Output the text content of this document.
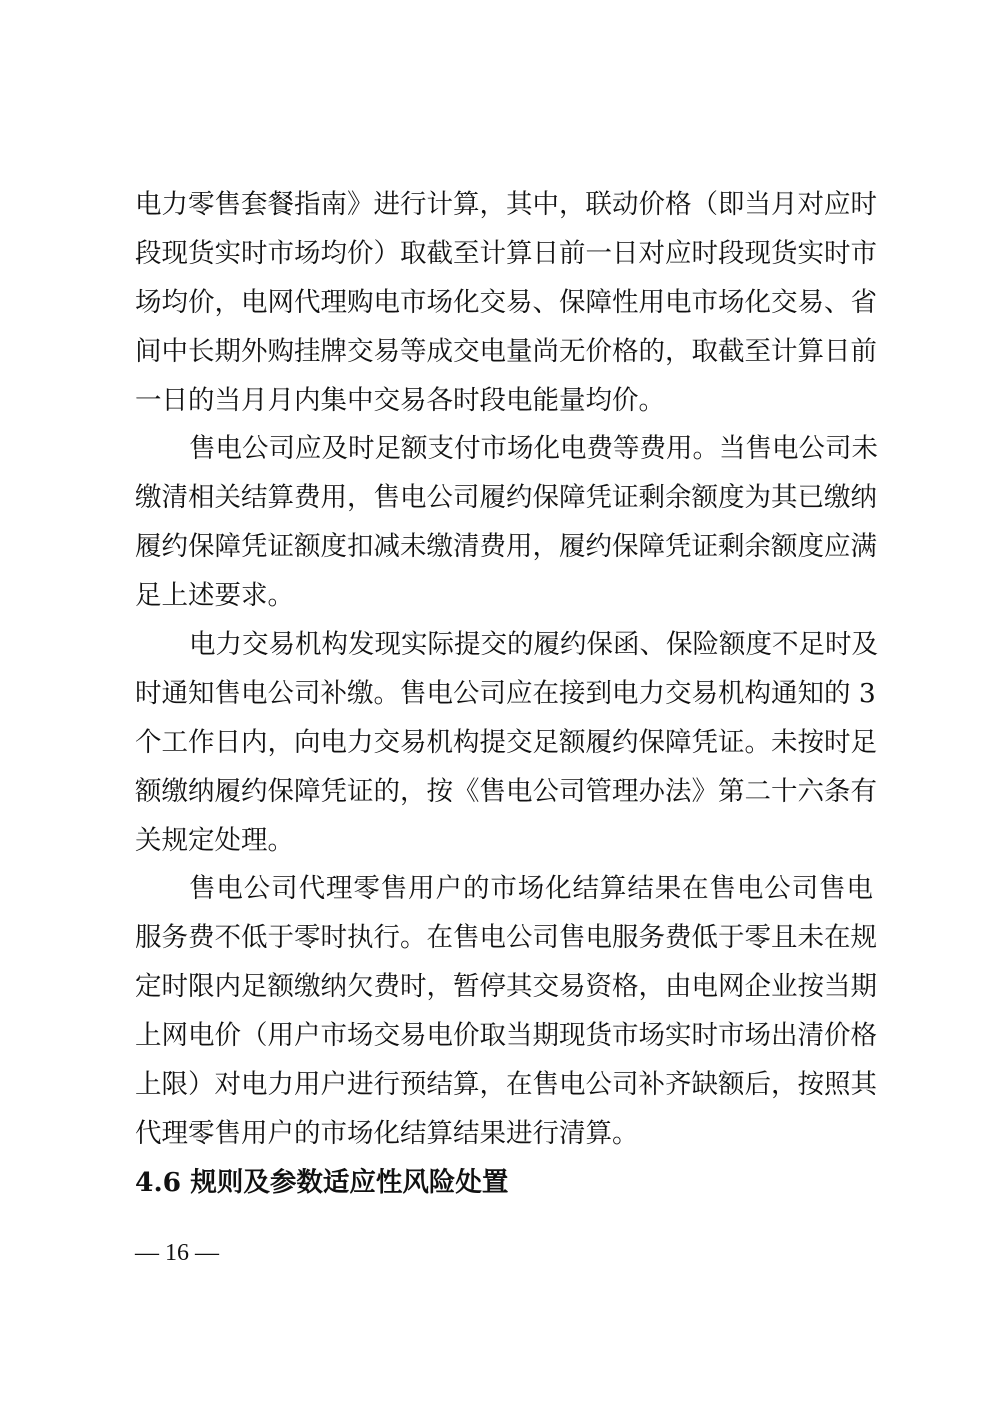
电力零售套餐指南》进行计算，其中，联动价格（即当月对应时
段现货实时市场均价）取截至计算日前一日对应时段现货实时市
场均价，电网代理购电市场化交易、保障性用电市场化交易、省
间中长期外购挂牌交易等成交电量尚无价格的，取截至计算日前
一日的当月月内集中交易各时段电能量均价。
售电公司应及时足额支付市场化电费等费用。当售电公司未
缴清相关结算费用，售电公司履约保障凭证剩余额度为其已缴纳
履约保障凭证额度扣减未缴清费用，履约保障凭证剩余额度应满
足上述要求。
电力交易机构发现实际提交的履约保函、保险额度不足时及
时通知售电公司补缴。售电公司应在接到电力交易机构通知的 3
个工作日内，向电力交易机构提交足额履约保障凭证。未按时足
额缴纳履约保障凭证的，按《售电公司管理办法》第二十六条有
关规定处理。
售电公司代理零售用户的市场化结算结果在售电公司售电
服务费不低于零时执行。在售电公司售电服务费低于零且未在规
定时限内足额缴纳欠费时，暂停其交易资格，由电网企业按当期
上网电价（用户市场交易电价取当期现货市场实时市场出清价格
上限）对电力用户进行预结算，在售电公司补齐缺额后，按照其
代理零售用户的市场化结算结果进行清算。
4.6 规则及参数适应性风险处置
— 16 —
